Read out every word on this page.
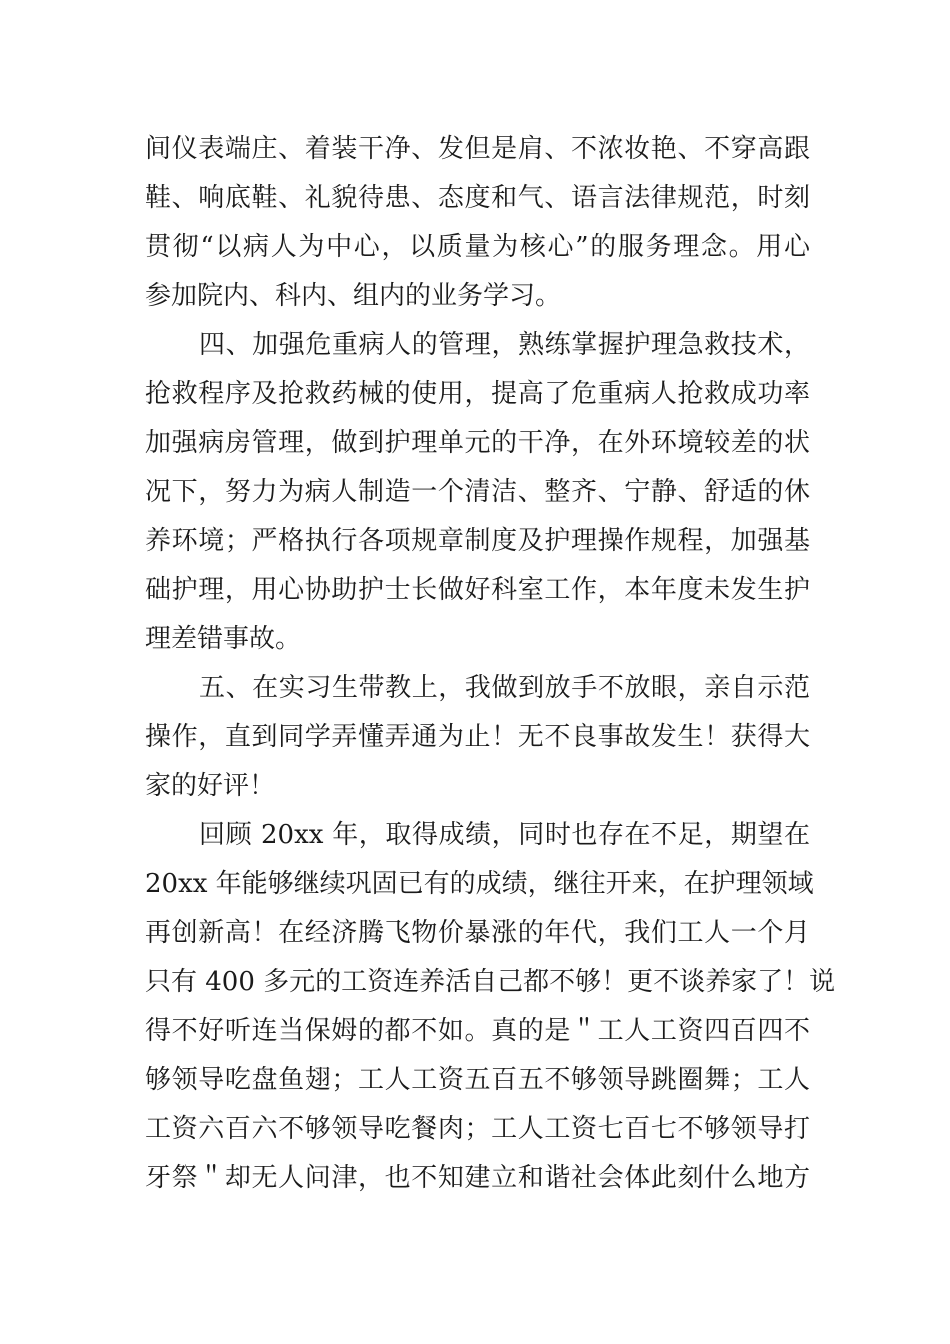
间仪表端庄、着装干净、发但是肩、不浓妆艳、不穿高跟
鞋、响底鞋、礼貌待患、态度和气、语言法律规范，时刻
贯彻“以病人为中心，以质量为核心”的服务理念。用心
参加院内、科内、组内的业务学习。
四、加强危重病人的管理，熟练掌握护理急救技术，
抢救程序及抢救药械的使用，提高了危重病人抢救成功率
加强病房管理，做到护理单元的干净，在外环境较差的状
况下，努力为病人制造一个清洁、整齐、宁静、舒适的休
养环境；严格执行各项规章制度及护理操作规程，加强基
础护理，用心协助护士长做好科室工作，本年度未发生护
理差错事故。
五、在实习生带教上，我做到放手不放眼，亲自示范
操作，直到同学弄懂弄通为止！无不良事故发生！获得大
家的好评！
回顾 20xx 年，取得成绩，同时也存在不足，期望在
20xx 年能够继续巩固已有的成绩，继往开来，在护理领域
再创新高！在经济腾飞物价暴涨的年代，我们工人一个月
只有 400 多元的工资连养活自己都不够！更不谈养家了！说
得不好听连当保姆的都不如。真的是＂工人工资四百四不
够领导吃盘鱼翅；工人工资五百五不够领导跳圈舞；工人
工资六百六不够领导吃餐肉；工人工资七百七不够领导打
牙祭＂却无人问津，也不知建立和谐社会体此刻什么地方
